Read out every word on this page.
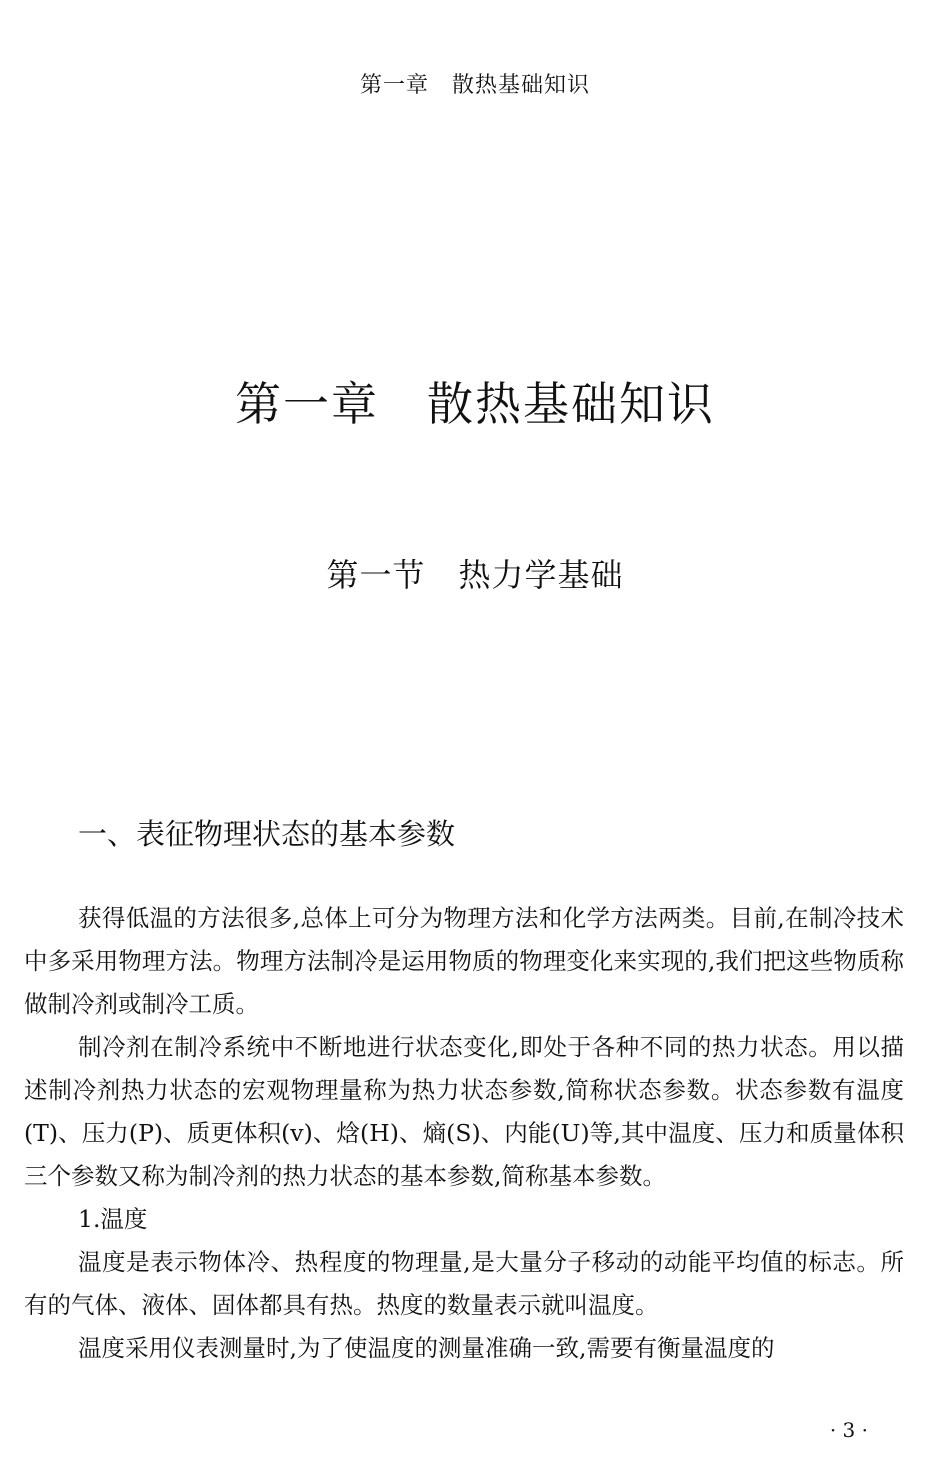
第一章　散热基础知识
第一章　散热基础知识
第一节　热力学基础
一、表征物理状态的基本参数

获得低温的方法很多,总体上可分为物理方法和化学方法两类。目前,在制冷技术中多采用物理方法。物理方法制冷是运用物质的物理变化来实现的,我们把这些物质称做制冷剂或制冷工质。

制冷剂在制冷系统中不断地进行状态变化,即处于各种不同的热力状态。用以描述制冷剂热力状态的宏观物理量称为热力状态参数,简称状态参数。状态参数有温度(T)、压力(P)、质更体积(v)、焓(H)、熵(S)、内能(U)等,其中温度、压力和质量体积三个参数又称为制冷剂的热力状态的基本参数,简称基本参数。

1.温度

温度是表示物体冷、热程度的物理量,是大量分子移动的动能平均值的标志。所有的气体、液体、固体都具有热。热度的数量表示就叫温度。

温度采用仪表测量时,为了使温度的测量准确一致,需要有衡量温度的

· 3 ·
